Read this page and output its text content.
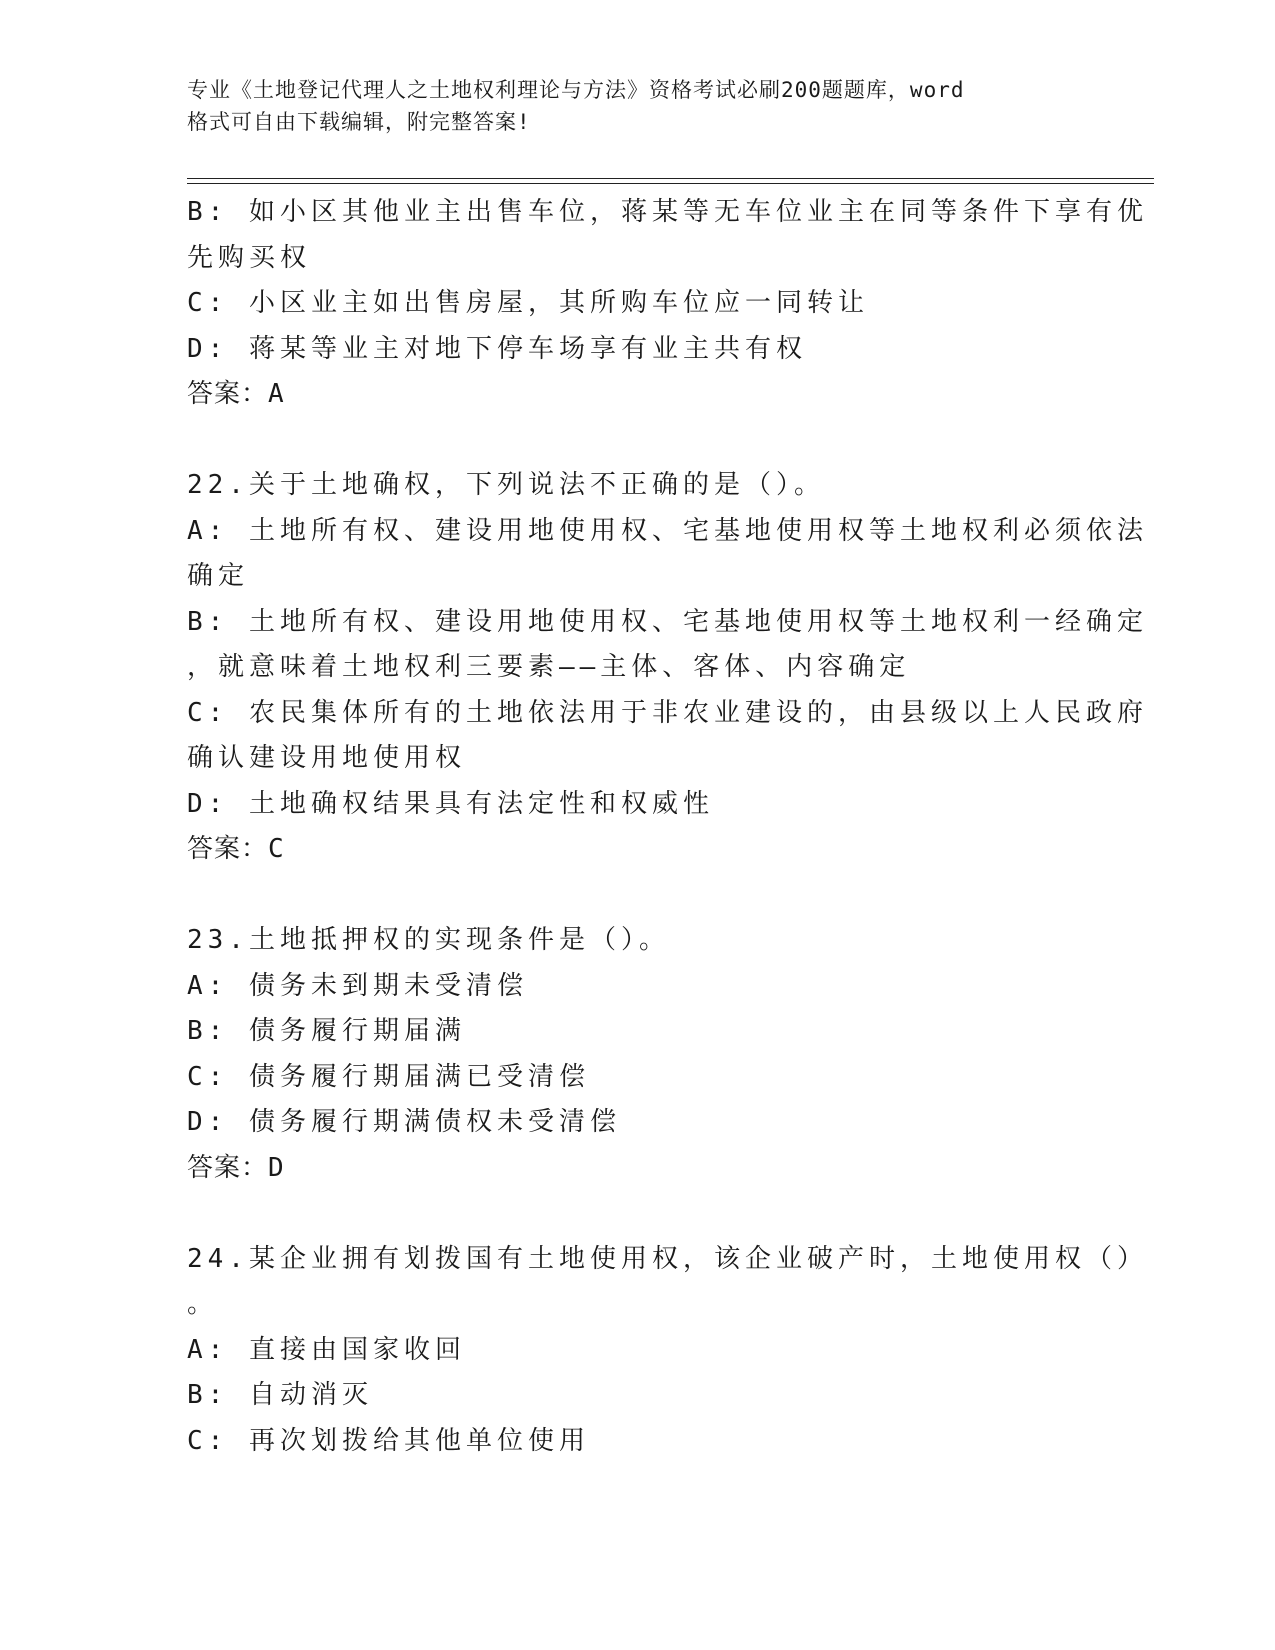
专业《土地登记代理人之土地权利理论与方法》资格考试必刷200题题库，word
格式可自由下载编辑，附完整答案!
B: 如小区其他业主出售车位，蒋某等无车位业主在同等条件下享有优
先购买权
C: 小区业主如出售房屋，其所购车位应一同转让
D: 蒋某等业主对地下停车场享有业主共有权
答案：A
22.关于土地确权，下列说法不正确的是（）。
A: 土地所有权、建设用地使用权、宅基地使用权等土地权利必须依法
确定
B: 土地所有权、建设用地使用权、宅基地使用权等土地权利一经确定
，就意味着土地权利三要素——主体、客体、内容确定
C: 农民集体所有的土地依法用于非农业建设的，由县级以上人民政府
确认建设用地使用权
D: 土地确权结果具有法定性和权威性
答案：C
23.土地抵押权的实现条件是（）。
A: 债务未到期未受清偿
B: 债务履行期届满
C: 债务履行期届满已受清偿
D: 债务履行期满债权未受清偿
答案：D
24.某企业拥有划拨国有土地使用权，该企业破产时，土地使用权（）
。
A: 直接由国家收回
B: 自动消灭
C: 再次划拨给其他单位使用
